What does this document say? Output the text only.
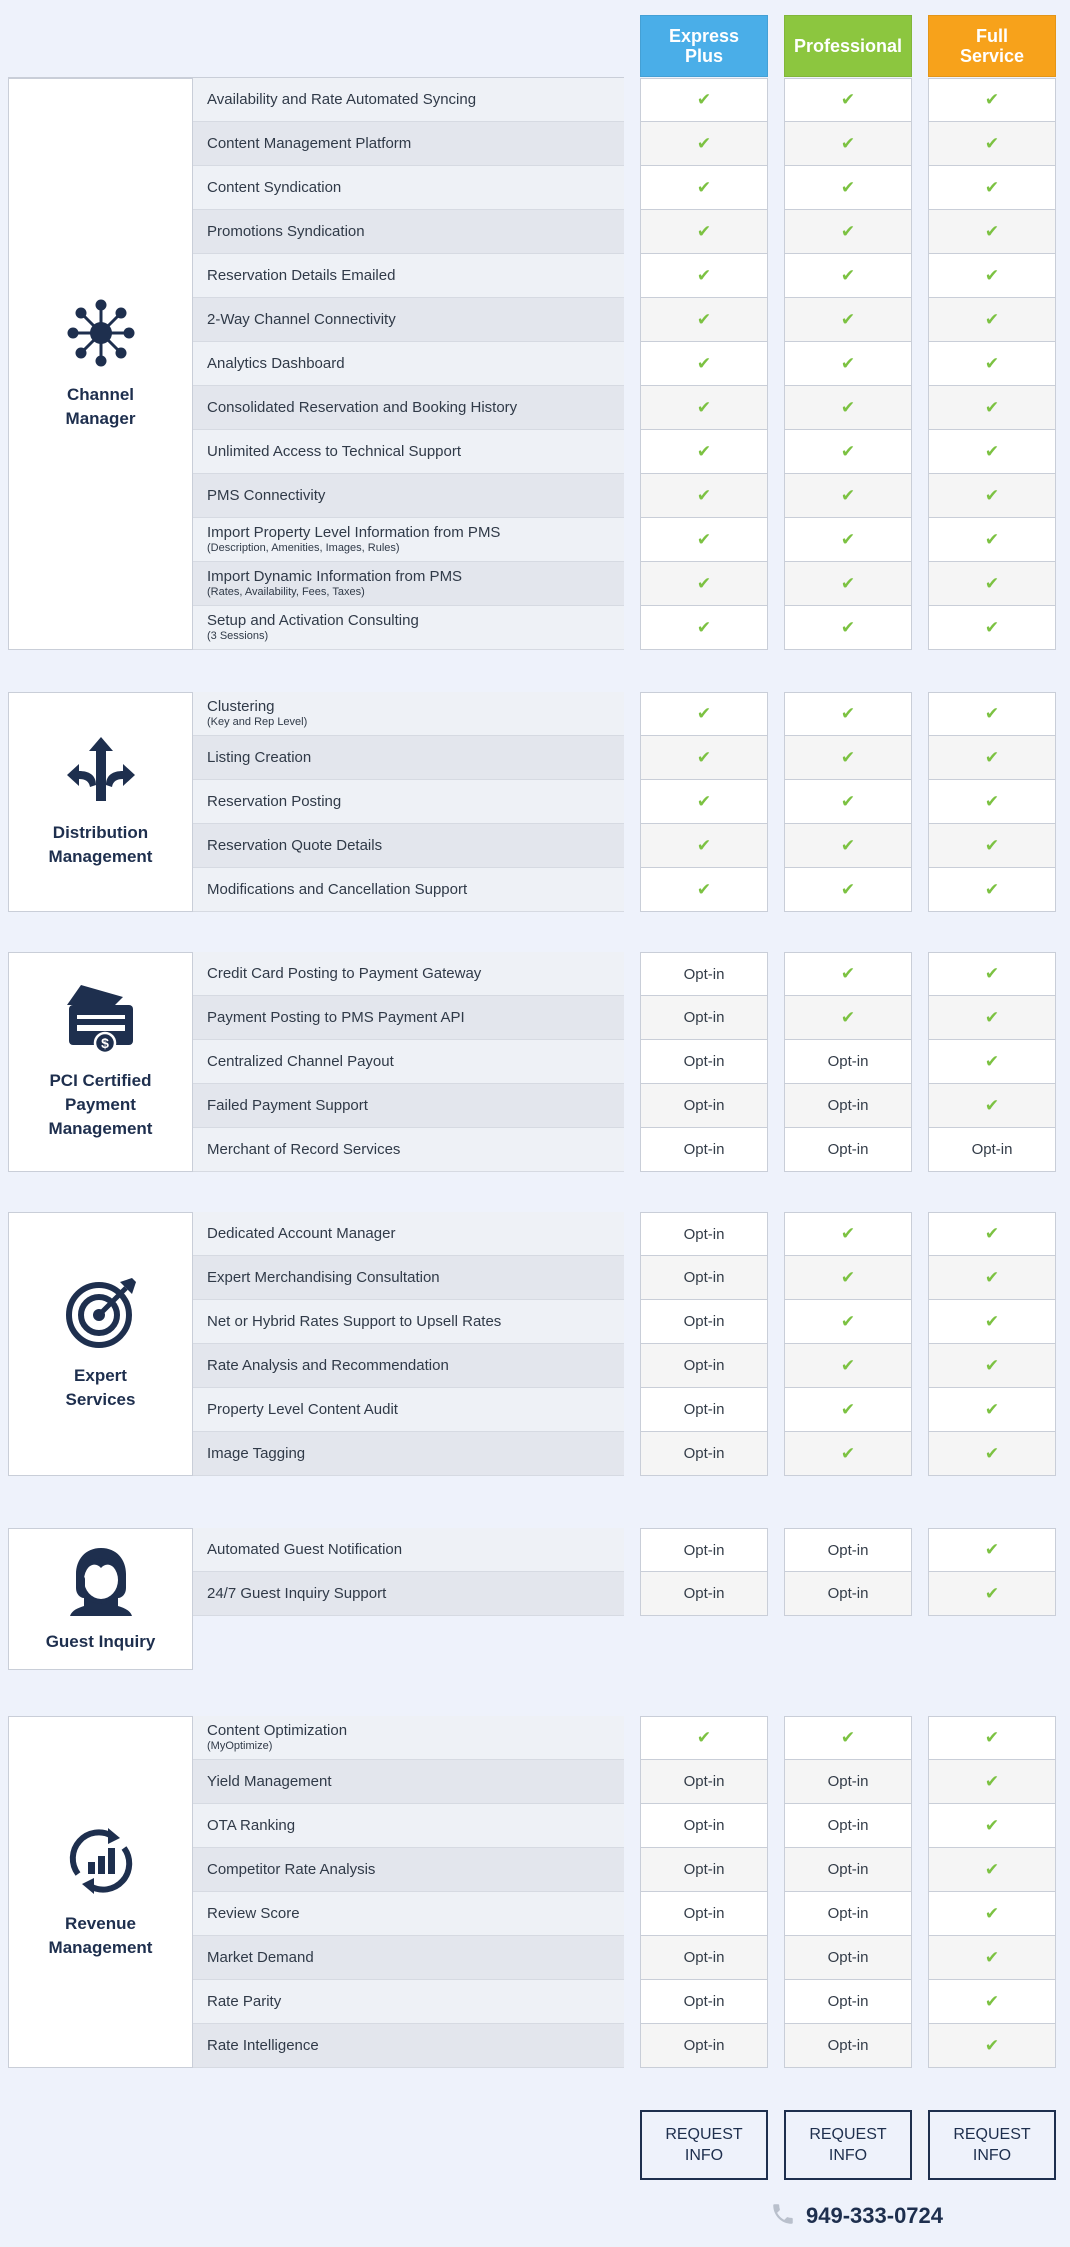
Express
Plus	Professional	Full
Service
Channel
Manager
Availability and Rate Automated Syncing	✔	✔	✔
Content Management Platform	✔	✔	✔
Content Syndication	✔	✔	✔
Promotions Syndication	✔	✔	✔
Reservation Details Emailed	✔	✔	✔
2-Way Channel Connectivity	✔	✔	✔
Analytics Dashboard	✔	✔	✔
Consolidated Reservation and Booking History	✔	✔	✔
Unlimited Access to Technical Support	✔	✔	✔
PMS Connectivity	✔	✔	✔
Import Property Level Information from PMS
(Description, Amenities, Images, Rules)	✔	✔	✔
Import Dynamic Information from PMS
(Rates, Availability, Fees, Taxes)	✔	✔	✔
Setup and Activation Consulting
(3 Sessions)	✔	✔	✔
Distribution
Management
Clustering
(Key and Rep Level)	✔	✔	✔
Listing Creation	✔	✔	✔
Reservation Posting	✔	✔	✔
Reservation Quote Details	✔	✔	✔
Modifications and Cancellation Support	✔	✔	✔
$
PCI Certified
Payment
Management
Credit Card Posting to Payment Gateway	Opt-in	✔	✔
Payment Posting to PMS Payment API	Opt-in	✔	✔
Centralized Channel Payout	Opt-in	Opt-in	✔
Failed Payment Support	Opt-in	Opt-in	✔
Merchant of Record Services	Opt-in	Opt-in	Opt-in
Expert
Services
Dedicated Account Manager	Opt-in	✔	✔
Expert Merchandising Consultation	Opt-in	✔	✔
Net or Hybrid Rates Support to Upsell Rates	Opt-in	✔	✔
Rate Analysis and Recommendation	Opt-in	✔	✔
Property Level Content Audit	Opt-in	✔	✔
Image Tagging	Opt-in	✔	✔
Guest Inquiry
Automated Guest Notification	Opt-in	Opt-in	✔
24/7 Guest Inquiry Support	Opt-in	Opt-in	✔
Revenue
Management
Content Optimization
(MyOptimize)	✔	✔	✔
Yield Management	Opt-in	Opt-in	✔
OTA Ranking	Opt-in	Opt-in	✔
Competitor Rate Analysis	Opt-in	Opt-in	✔
Review Score	Opt-in	Opt-in	✔
Market Demand	Opt-in	Opt-in	✔
Rate Parity	Opt-in	Opt-in	✔
Rate Intelligence	Opt-in	Opt-in	✔
REQUEST
INFO
REQUEST
INFO
REQUEST
INFO
949-333-0724
